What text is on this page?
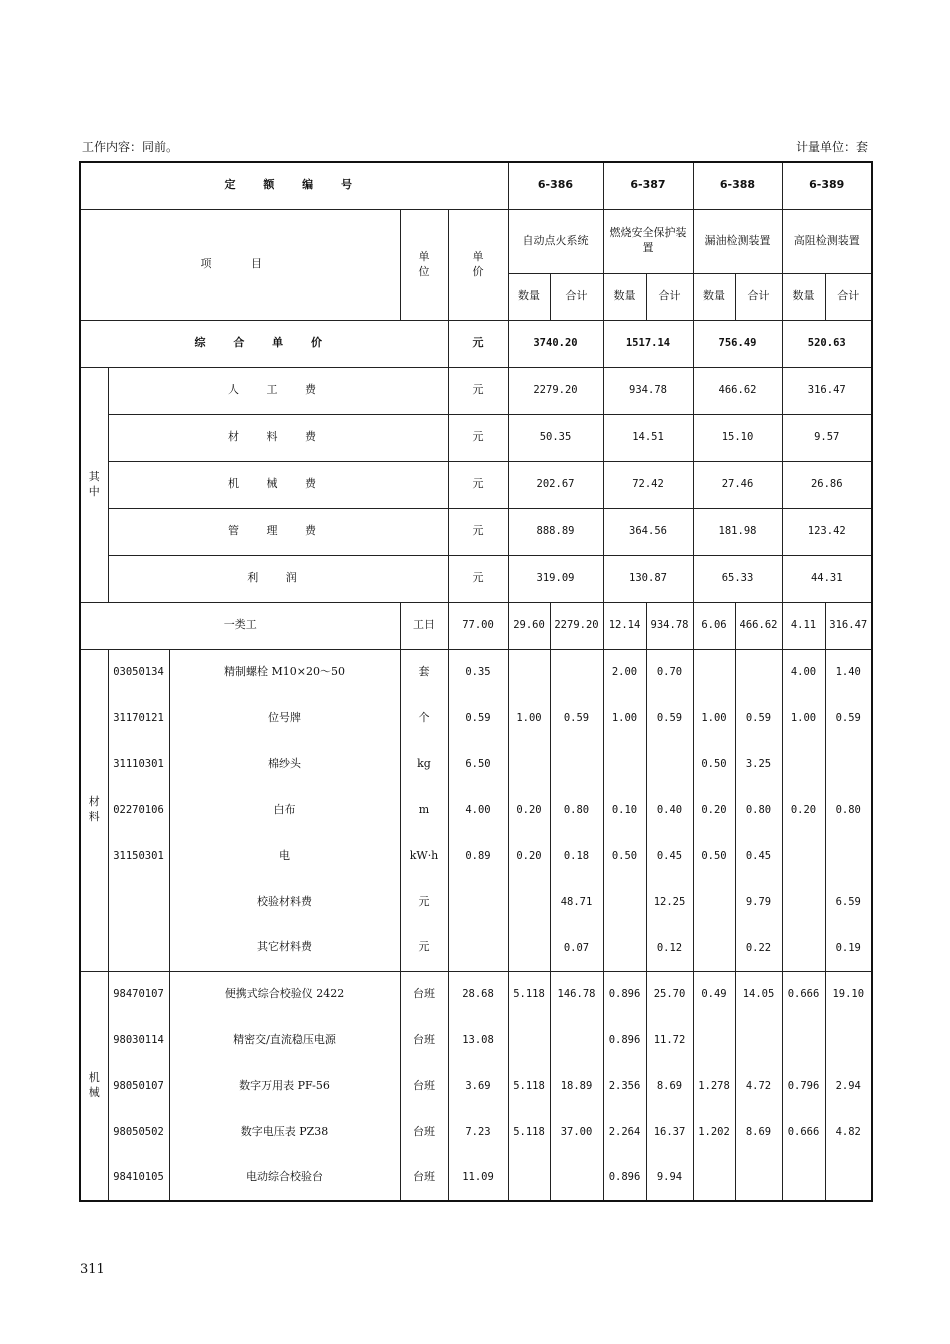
工作内容：同前。	计量单位：套
定 额 编 号					6-386		6-387		6-388		6-389	
项 目			单位	单价	自动点火系统		燃烧安全保护装置		漏油检测装置		高阻检测装置	
					数量	合计	数量	合计	数量	合计	数量	合计
综 合 单 价				元	3740.20		1517.14		756.49		520.63	
其中	人 工 费			元	2279.20		934.78		466.62		316.47	
	材 料 费			元	50.35		14.51		15.10		9.57	
	机 械 费			元	202.67		72.42		27.46		26.86	
	管 理 费			元	888.89		364.56		181.98		123.42	
	利 润			元	319.09		130.87		65.33		44.31	
一类工			工日	77.00	29.60	2279.20	12.14	934.78	6.06	466.62	4.11	316.47
材料	03050134	精制螺栓 M10×20～50	套	0.35			2.00	0.70			4.00	1.40
	31170121	位号牌	个	0.59	1.00	0.59	1.00	0.59	1.00	0.59	1.00	0.59
	31110301	棉纱头	kg	6.50					0.50	3.25		
	02270106	白布	m	4.00	0.20	0.80	0.10	0.40	0.20	0.80	0.20	0.80
	31150301	电	kW·h	0.89	0.20	0.18	0.50	0.45	0.50	0.45		
		校验材料费	元			48.71		12.25		9.79		6.59
		其它材料费	元			0.07		0.12		0.22		0.19
机械	98470107	便携式综合校验仪 2422	台班	28.68	5.118	146.78	0.896	25.70	0.49	14.05	0.666	19.10
	98030114	精密交/直流稳压电源	台班	13.08			0.896	11.72				
	98050107	数字万用表 PF-56	台班	3.69	5.118	18.89	2.356	8.69	1.278	4.72	0.796	2.94
	98050502	数字电压表 PZ38	台班	7.23	5.118	37.00	2.264	16.37	1.202	8.69	0.666	4.82
	98410105	电动综合校验台	台班	11.09			0.896	9.94				
311
